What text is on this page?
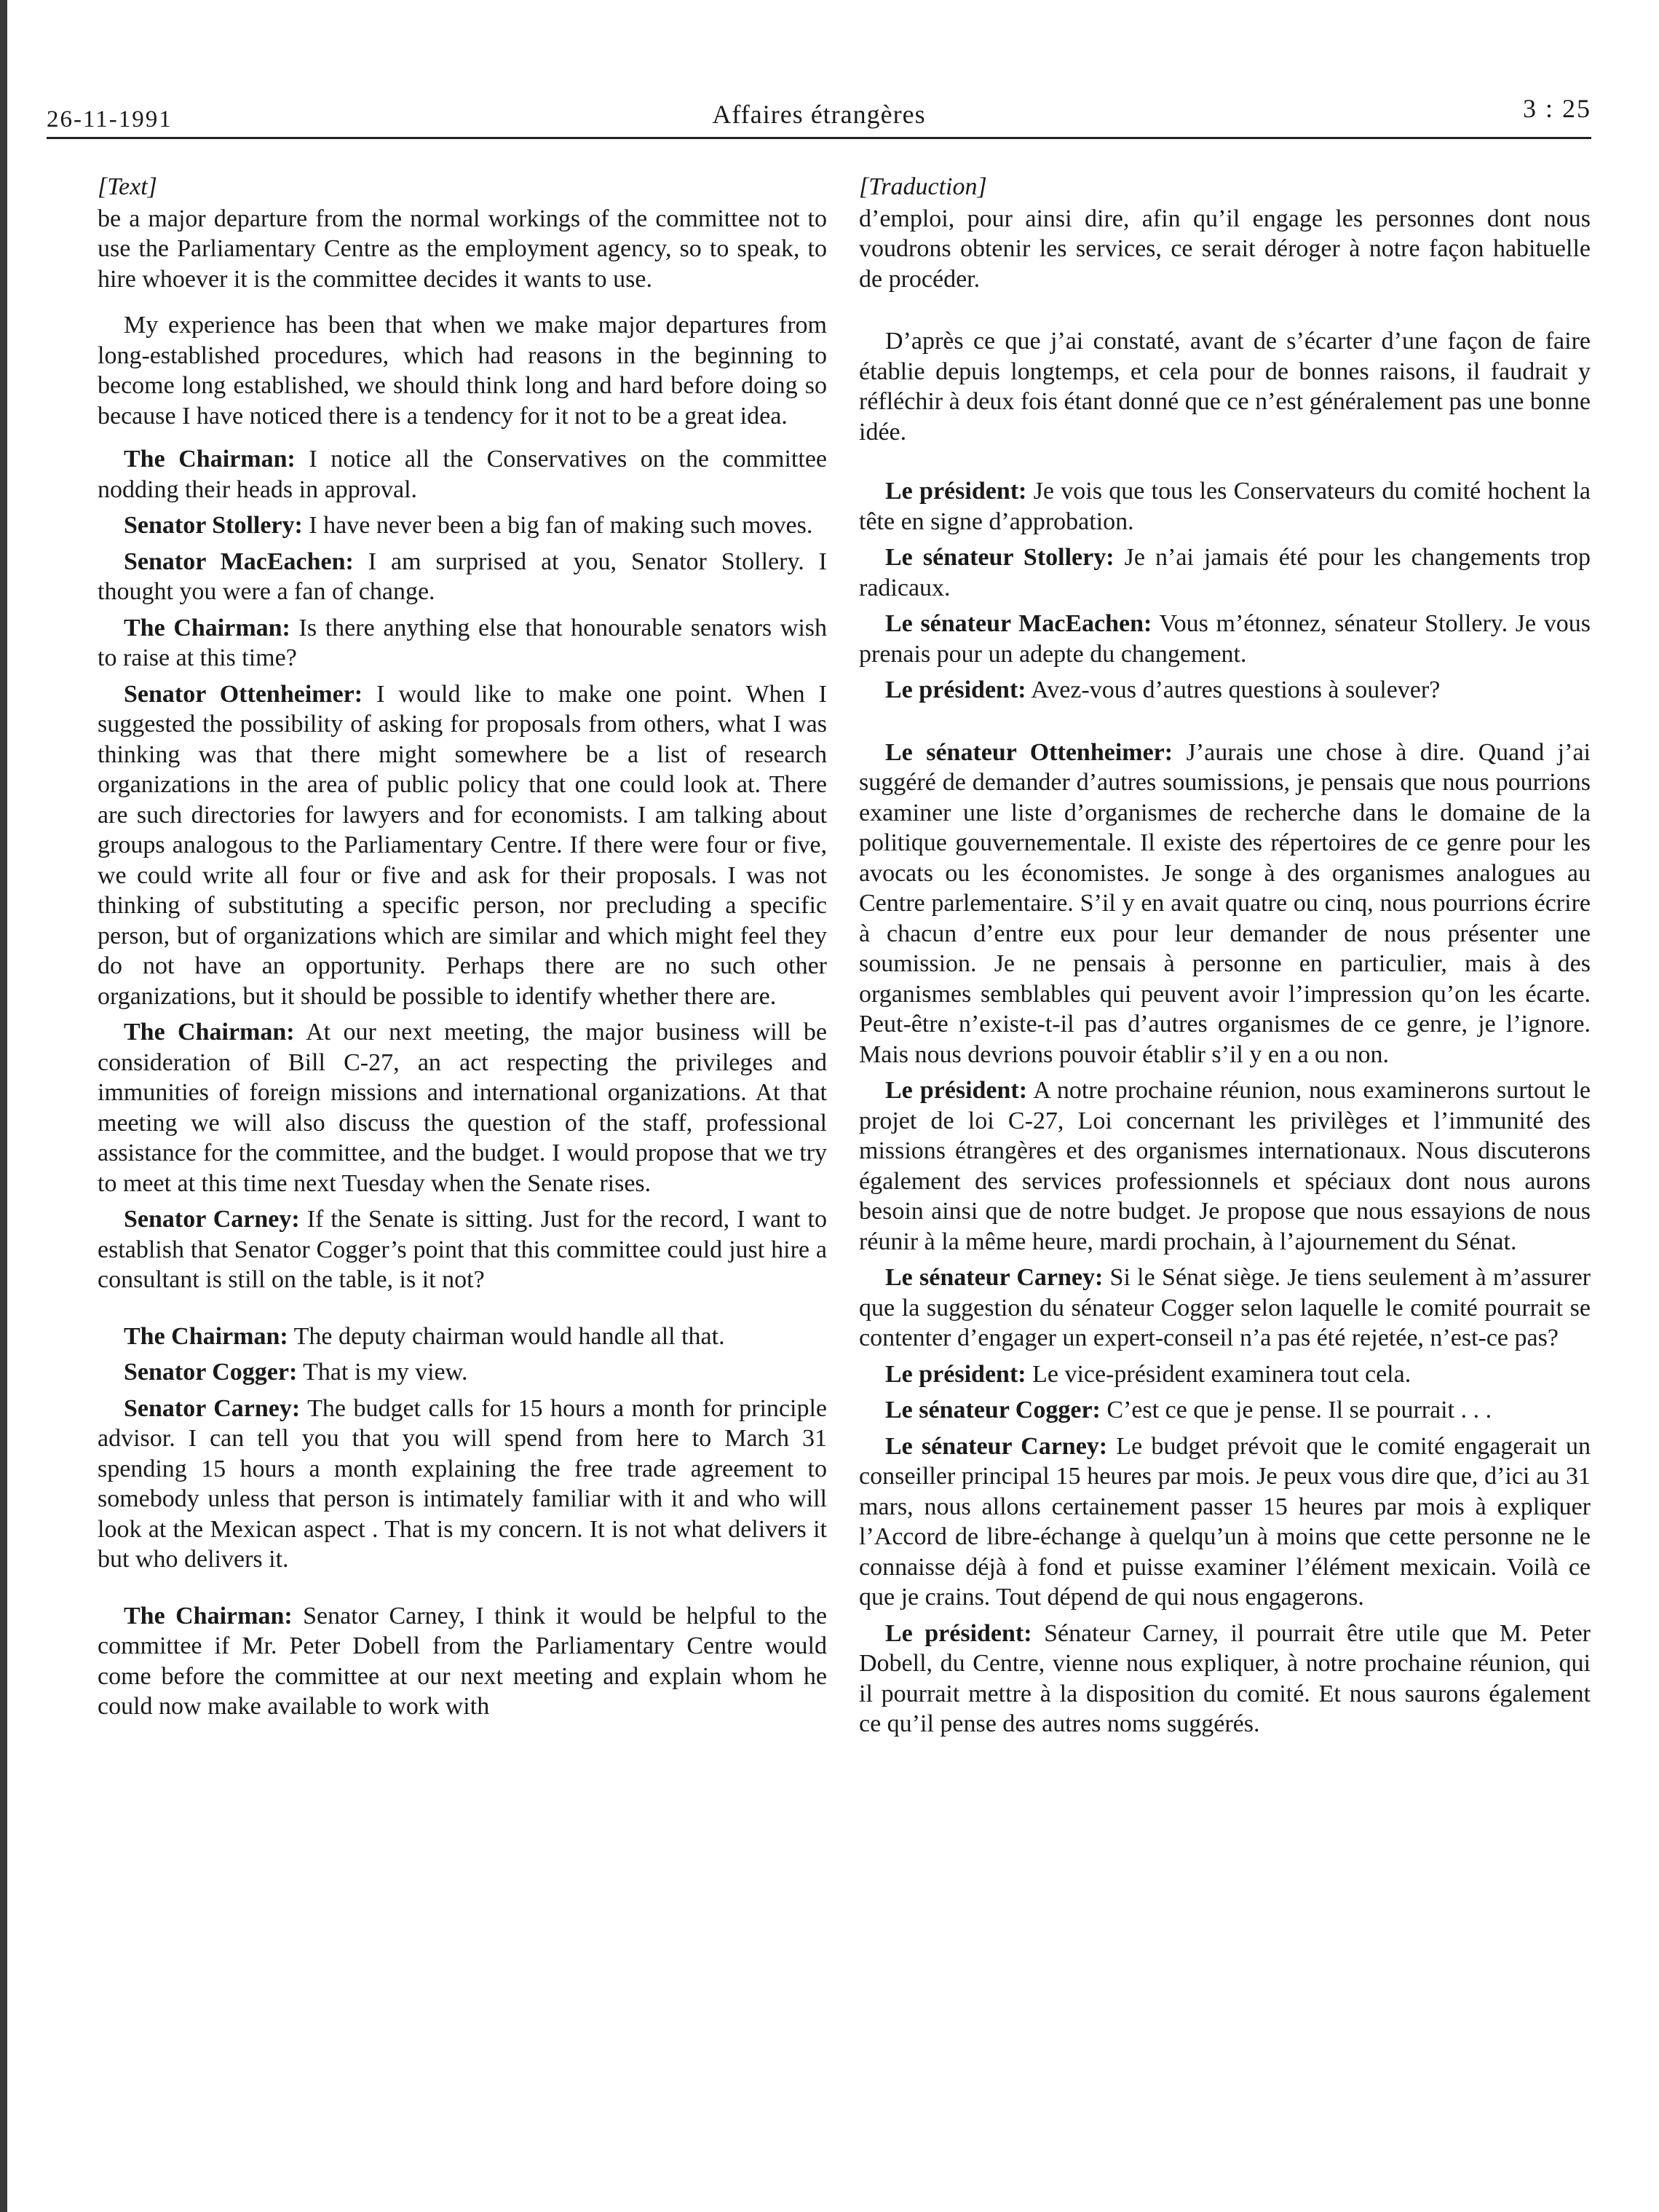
26-11-1991	Affaires étrangères	3 : 25
[Text]

be a major departure from the normal workings of the committee not to use the Parliamentary Centre as the employment agency, so to speak, to hire whoever it is the committee decides it wants to use.

My experience has been that when we make major departures from long-established procedures, which had reasons in the beginning to become long established, we should think long and hard before doing so because I have noticed there is a tendency for it not to be a great idea.

The Chairman: I notice all the Conservatives on the committee nodding their heads in approval.

Senator Stollery: I have never been a big fan of making such moves.

Senator MacEachen: I am surprised at you, Senator Stollery. I thought you were a fan of change.

The Chairman: Is there anything else that honourable senators wish to raise at this time?

Senator Ottenheimer: I would like to make one point. When I suggested the possibility of asking for proposals from others, what I was thinking was that there might somewhere be a list of research organizations in the area of public policy that one could look at. There are such directories for lawyers and for economists. I am talking about groups analogous to the Parliamentary Centre. If there were four or five, we could write all four or five and ask for their proposals. I was not thinking of substituting a specific person, nor precluding a specific person, but of organizations which are similar and which might feel they do not have an opportunity. Perhaps there are no such other organizations, but it should be possible to identify whether there are.

The Chairman: At our next meeting, the major business will be consideration of Bill C-27, an act respecting the privileges and immunities of foreign missions and international organizations. At that meeting we will also discuss the question of the staff, professional assistance for the committee, and the budget. I would propose that we try to meet at this time next Tuesday when the Senate rises.

Senator Carney: If the Senate is sitting. Just for the record, I want to establish that Senator Cogger’s point that this committee could just hire a consultant is still on the table, is it not?

The Chairman: The deputy chairman would handle all that.

Senator Cogger: That is my view.

Senator Carney: The budget calls for 15 hours a month for principle advisor. I can tell you that you will spend from here to March 31 spending 15 hours a month explaining the free trade agreement to somebody unless that person is intimately familiar with it and who will look at the Mexican aspect . That is my concern. It is not what delivers it but who delivers it.

The Chairman: Senator Carney, I think it would be helpful to the committee if Mr. Peter Dobell from the Parliamentary Centre would come before the committee at our next meeting and explain whom he could now make available to work with

[Traduction]

d’emploi, pour ainsi dire, afin qu’il engage les personnes dont nous voudrons obtenir les services, ce serait déroger à notre façon habituelle de procéder.

D’après ce que j’ai constaté, avant de s’écarter d’une façon de faire établie depuis longtemps, et cela pour de bonnes raisons, il faudrait y réfléchir à deux fois étant donné que ce n’est généralement pas une bonne idée.

Le président: Je vois que tous les Conservateurs du comité hochent la tête en signe d’approbation.

Le sénateur Stollery: Je n’ai jamais été pour les changements trop radicaux.

Le sénateur MacEachen: Vous m’étonnez, sénateur Stollery. Je vous prenais pour un adepte du changement.

Le président: Avez-vous d’autres questions à soulever?

Le sénateur Ottenheimer: J’aurais une chose à dire. Quand j’ai suggéré de demander d’autres soumissions, je pensais que nous pourrions examiner une liste d’organismes de recherche dans le domaine de la politique gouvernementale. Il existe des répertoires de ce genre pour les avocats ou les économistes. Je songe à des organismes analogues au Centre parlementaire. S’il y en avait quatre ou cinq, nous pourrions écrire à chacun d’entre eux pour leur demander de nous présenter une soumission. Je ne pensais à personne en particulier, mais à des organismes semblables qui peuvent avoir l’impression qu’on les écarte. Peut-être n’existe-t-il pas d’autres organismes de ce genre, je l’ignore. Mais nous devrions pouvoir établir s’il y en a ou non.

Le président: A notre prochaine réunion, nous examinerons surtout le projet de loi C-27, Loi concernant les privilèges et l’immunité des missions étrangères et des organismes internationaux. Nous discuterons également des services professionnels et spéciaux dont nous aurons besoin ainsi que de notre budget. Je propose que nous essayions de nous réunir à la même heure, mardi prochain, à l’ajournement du Sénat.

Le sénateur Carney: Si le Sénat siège. Je tiens seulement à m’assurer que la suggestion du sénateur Cogger selon laquelle le comité pourrait se contenter d’engager un expert-conseil n’a pas été rejetée, n’est-ce pas?

Le président: Le vice-président examinera tout cela.

Le sénateur Cogger: C’est ce que je pense. Il se pourrait . . .

Le sénateur Carney: Le budget prévoit que le comité engagerait un conseiller principal 15 heures par mois. Je peux vous dire que, d’ici au 31 mars, nous allons certainement passer 15 heures par mois à expliquer l’Accord de libre-échange à quelqu’un à moins que cette personne ne le connaisse déjà à fond et puisse examiner l’élément mexicain. Voilà ce que je crains. Tout dépend de qui nous engagerons.

Le président: Sénateur Carney, il pourrait être utile que M. Peter Dobell, du Centre, vienne nous expliquer, à notre prochaine réunion, qui il pourrait mettre à la disposition du comité. Et nous saurons également ce qu’il pense des autres noms suggérés.
